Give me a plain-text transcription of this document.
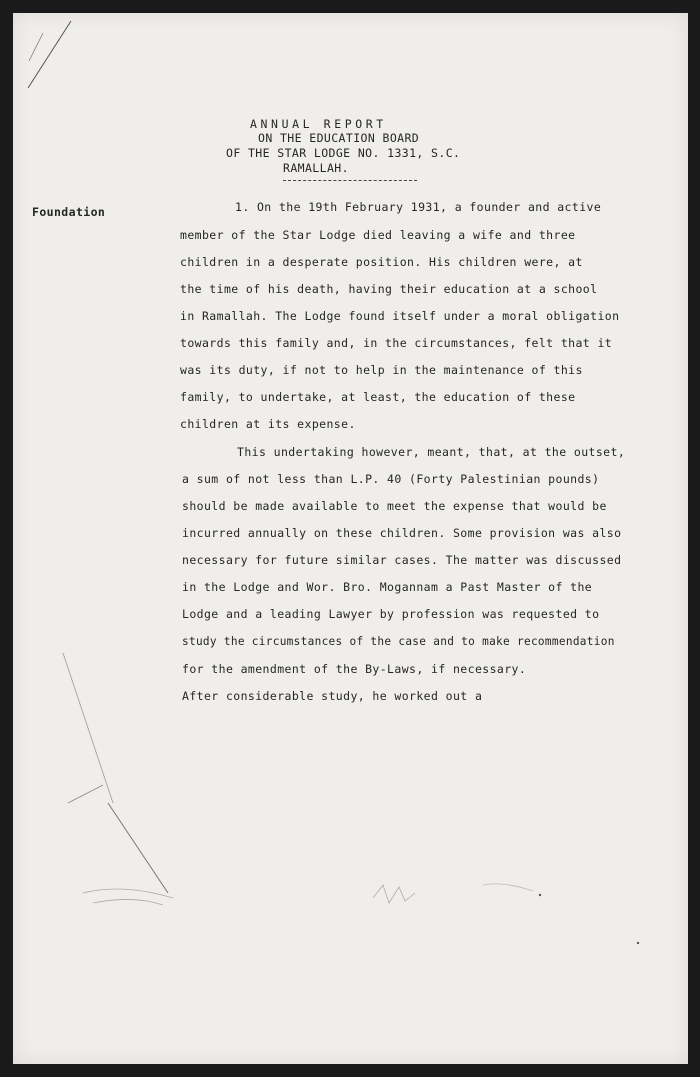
ANNUAL REPORT
ON THE EDUCATION BOARD
OF THE STAR LODGE NO. 1331, S.C.
RAMALLAH.
Foundation	1. On the 19th February 1931, a founder and active
member of the Star Lodge died leaving a wife and three
children in a desperate position. His children were, at
the time of his death, having their education at a school
in Ramallah. The Lodge found itself under a moral obligation
towards this family and, in the circumstances, felt that it
was its duty, if not to help in the maintenance of this
family, to undertake, at least, the education of these
children at its expense.
This undertaking however, meant, that, at the outset,
a sum of not less than L.P. 40 (Forty Palestinian pounds)
should be made available to meet the expense that would be
incurred annually on these children. Some provision was also
necessary for future similar cases. The matter was discussed
in the Lodge and Wor. Bro. Mogannam a Past Master of the
Lodge and a leading Lawyer by profession was requested to
study the circumstances of the case and to make recommendation
for the amendment of the By-Laws, if necessary.
After considerable study, he worked out a
